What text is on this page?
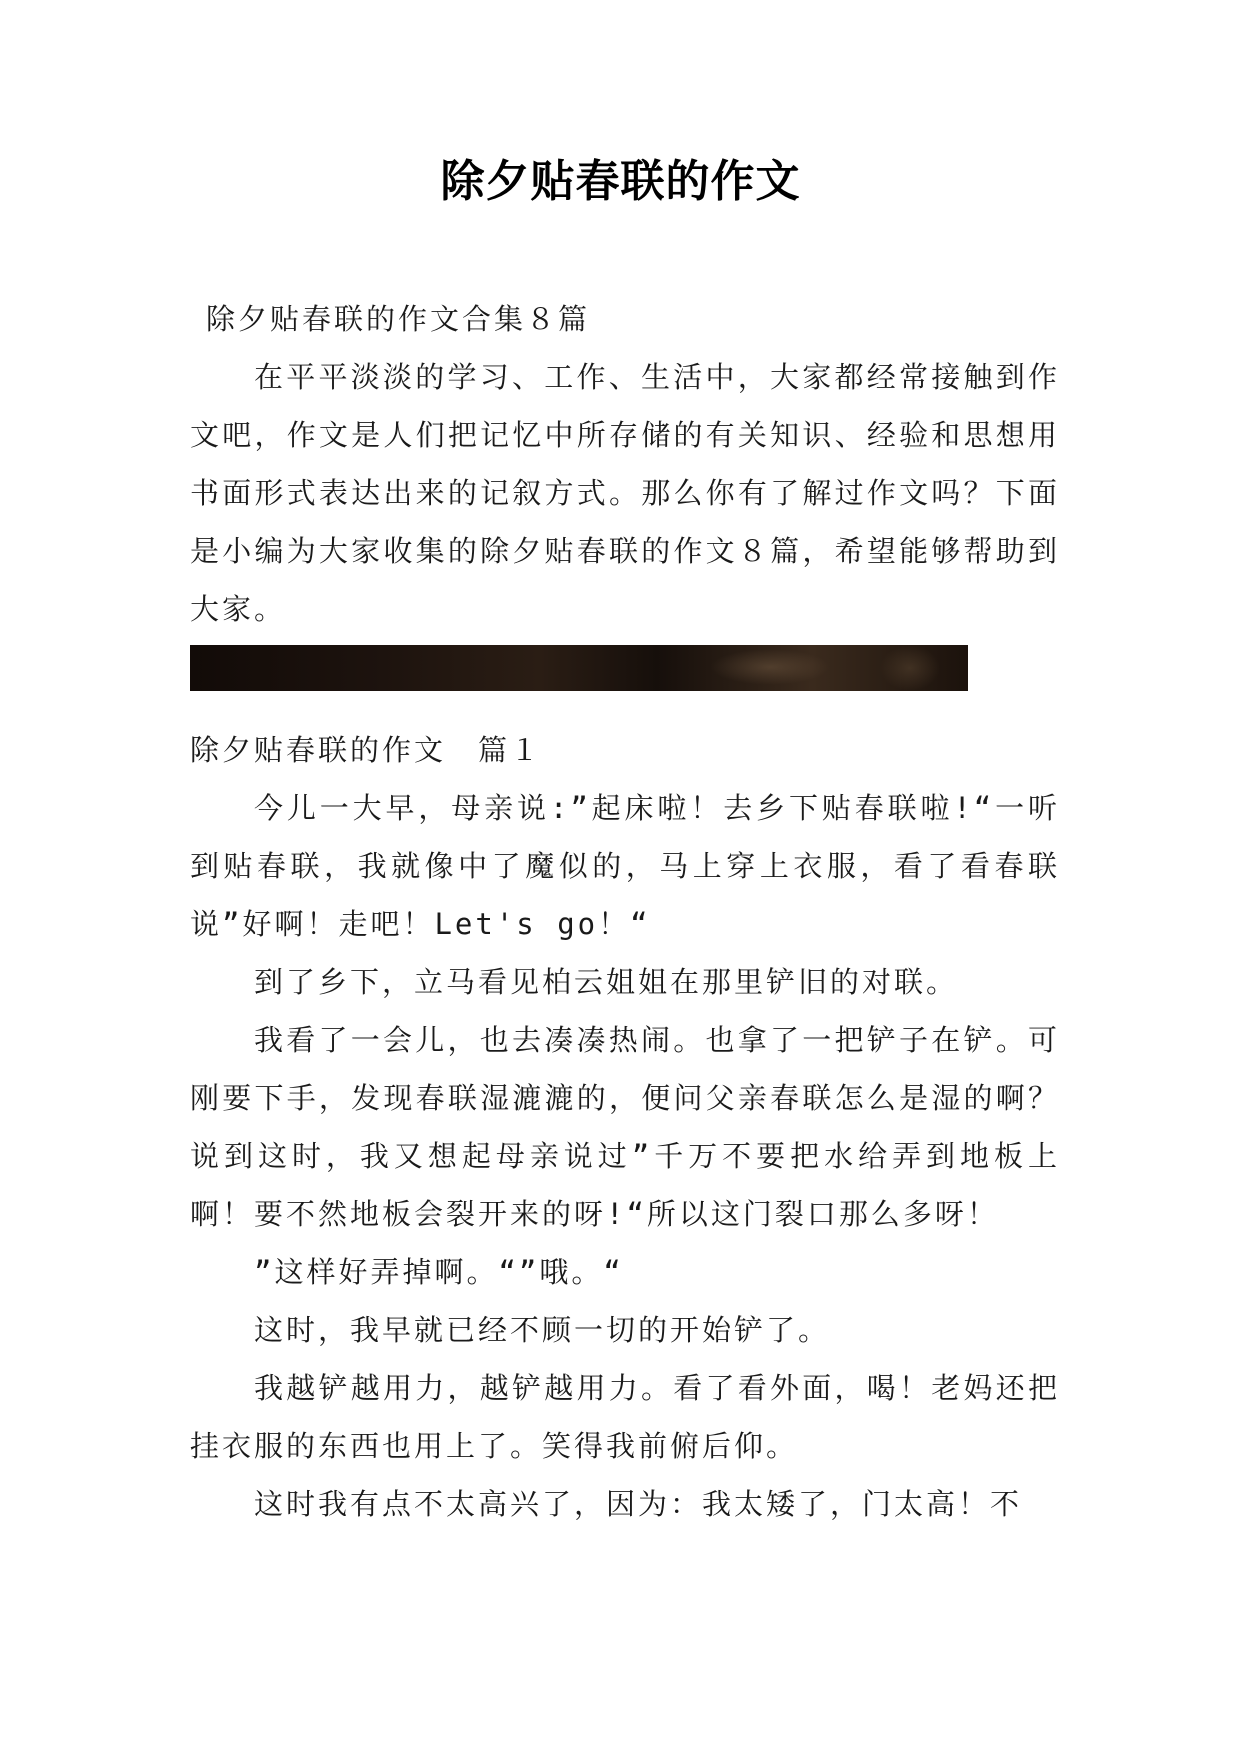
除夕贴春联的作文

除夕贴春联的作文合集８篇

在平平淡淡的学习、工作、生活中，大家都经常接触到作文吧，作文是人们把记忆中所存储的有关知识、经验和思想用书面形式表达出来的记叙方式。那么你有了解过作文吗？下面是小编为大家收集的除夕贴春联的作文８篇，希望能够帮助到大家。

除夕贴春联的作文　篇１

今儿一大早，母亲说:”起床啦！去乡下贴春联啦!“一听到贴春联，我就像中了魔似的，马上穿上衣服，看了看春联说”好啊！走吧！Let's go！“

到了乡下，立马看见柏云姐姐在那里铲旧的对联。

我看了一会儿，也去凑凑热闹。也拿了一把铲子在铲。可刚要下手，发现春联湿漉漉的，便问父亲春联怎么是湿的啊？说到这时，我又想起母亲说过”千万不要把水给弄到地板上啊！要不然地板会裂开来的呀!“所以这门裂口那么多呀！

”这样好弄掉啊。“”哦。“

这时，我早就已经不顾一切的开始铲了。

我越铲越用力，越铲越用力。看了看外面，喝！老妈还把挂衣服的东西也用上了。笑得我前俯后仰。

这时我有点不太高兴了，因为：我太矮了，门太高！不
